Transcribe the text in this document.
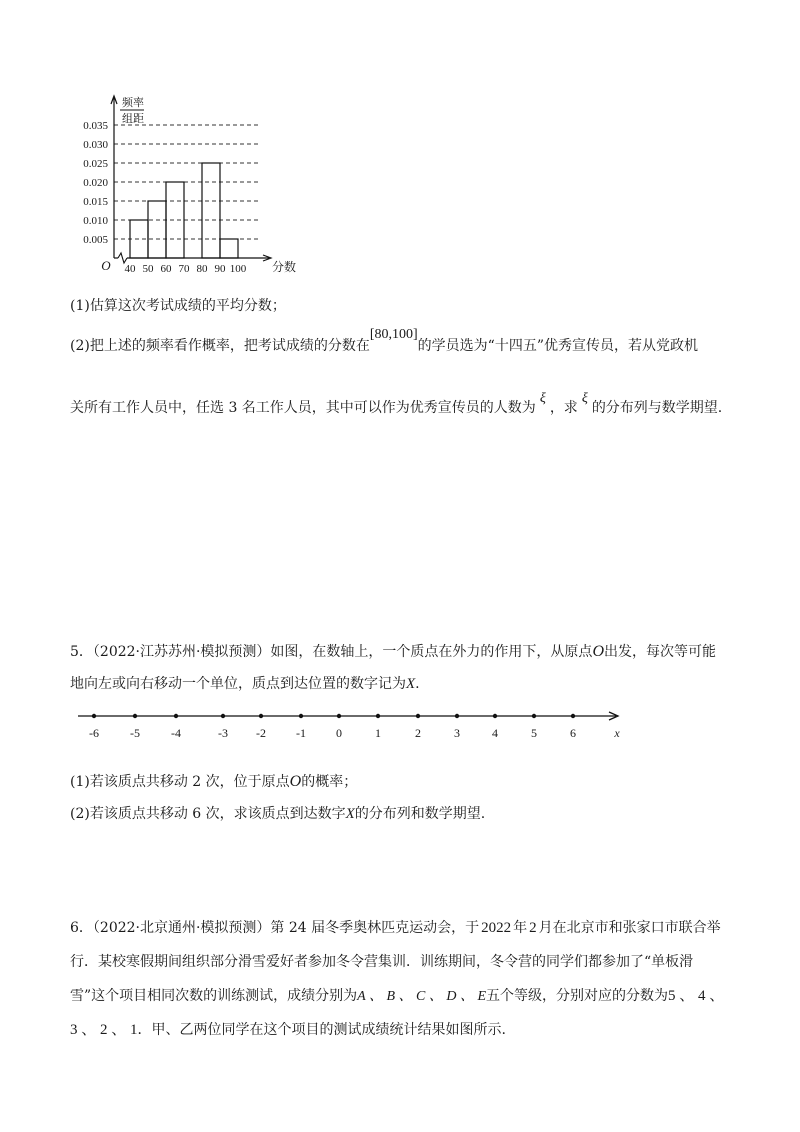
0.035
0.030
0.025
0.020
0.015
0.010
0.005
频率
组距
O 40 50 60 70 80 90 100 分数
(1)估算这次考试成绩的平均分数；
(2)把上述的频率看作概率，把考试成绩的分数在[80,100]的学员选为“十四五”优秀宣传员，若从党政机
关所有工作人员中，任选 3 名工作人员，其中可以作为优秀宣传员的人数为ξ，求ξ的分布列与数学期望.
5．（2022·江苏苏州·模拟预测）如图，在数轴上，一个质点在外力的作用下，从原点O出发，每次等可能
地向左或向右移动一个单位，质点到达位置的数字记为X.
-6	-5	-4	-3 -2	-1	0	1	2	3	4	5	6	x
(1)若该质点共移动 2 次，位于原点O的概率；
(2)若该质点共移动 6 次，求该质点到达数字X的分布列和数学期望.
6．（2022·北京通州·模拟预测）第 24 届冬季奥林匹克运动会，于 2022 年 2 月在北京市和张家口市联合举
行．某校寒假期间组织部分滑雪爱好者参加冬令营集训．训练期间，冬令营的同学们都参加了“单板滑
雪”这个项目相同次数的训练测试，成绩分别为A 、 B 、 C 、 D 、 E五个等级，分别对应的分数为5 、 4 、
3 、 2 、 1．甲、乙两位同学在这个项目的测试成绩统计结果如图所示.
